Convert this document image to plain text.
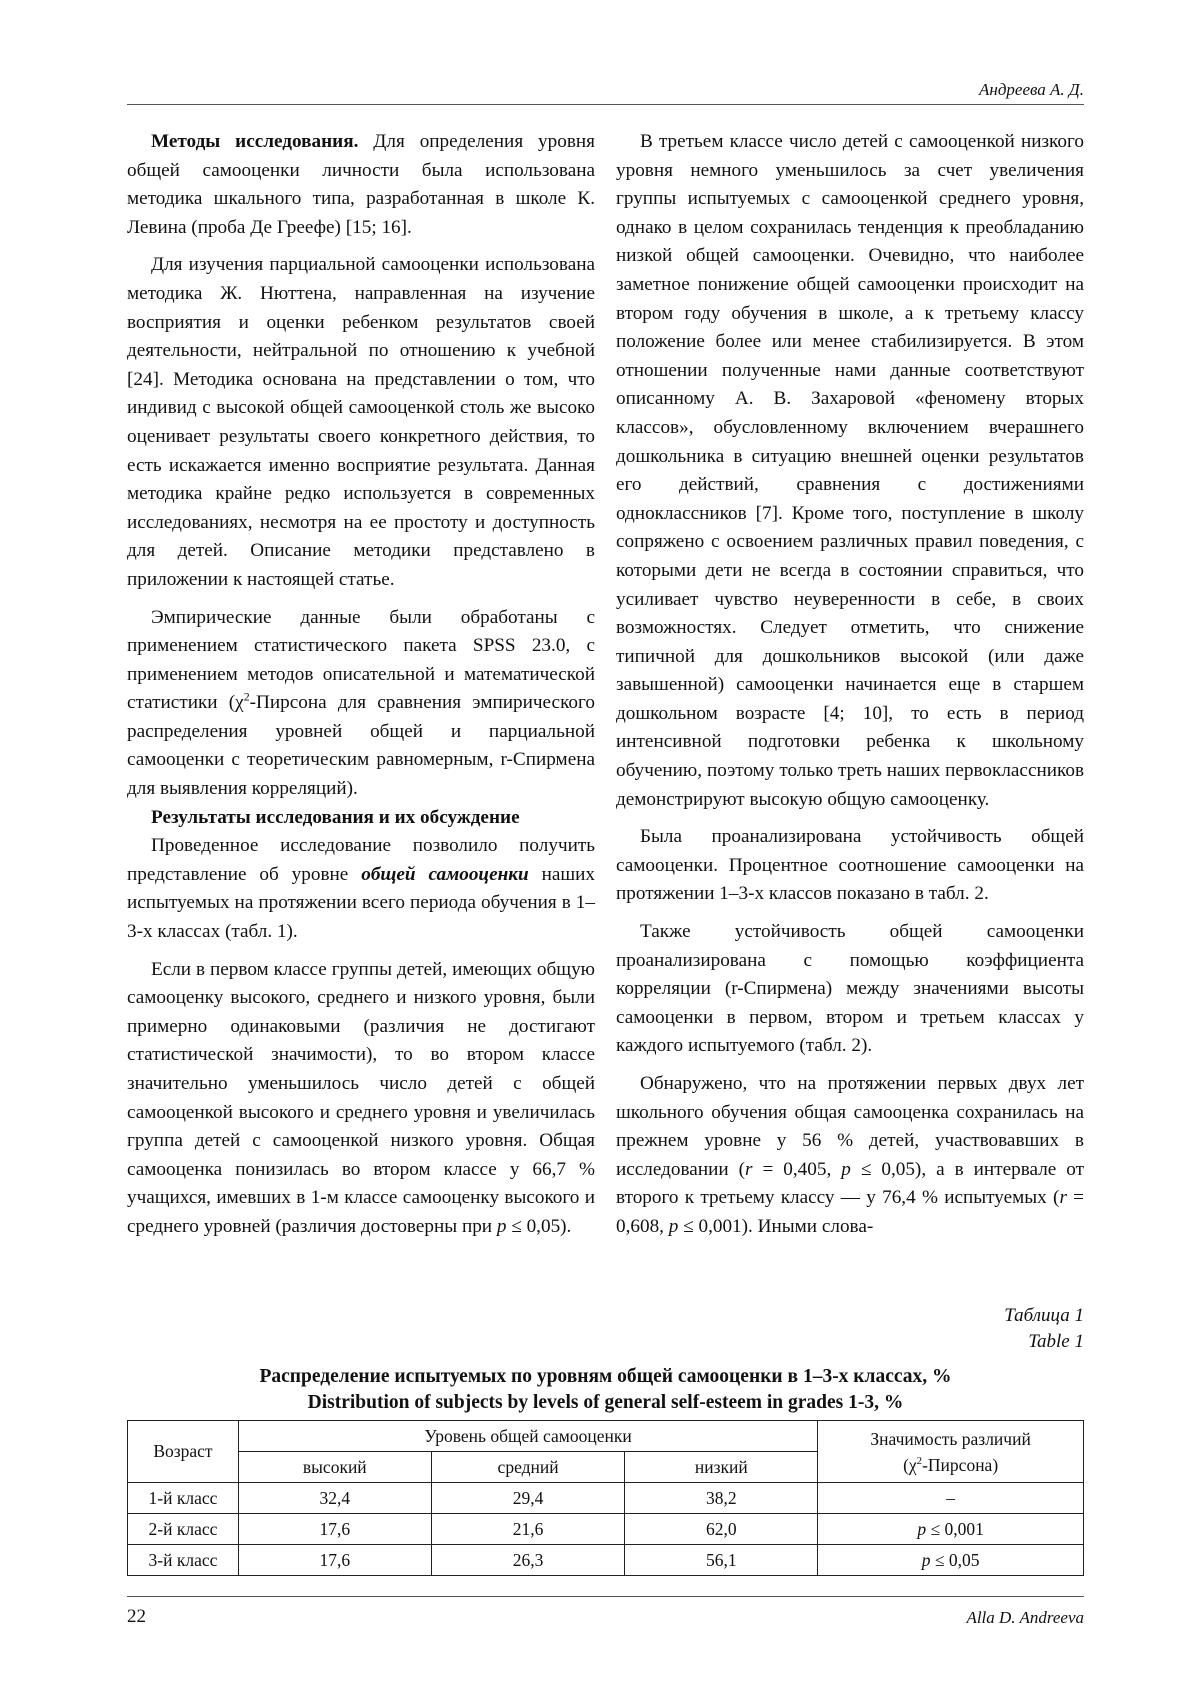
Андреева А. Д.

Методы исследования. Для определения уровня общей самооценки личности была использована методика шкального типа, разработанная в школе К. Левина (проба Де Греефе) [15; 16].

Для изучения парциальной самооценки использована методика Ж. Нюттена, направленная на изучение восприятия и оценки ребенком результатов своей деятельности, нейтральной по отношению к учебной [24]. Методика основана на представлении о том, что индивид с высокой общей самооценкой столь же высоко оценивает результаты своего конкретного действия, то есть искажается именно восприятие результата. Данная методика крайне редко используется в современных исследованиях, несмотря на ее простоту и доступность для детей. Описание методики представлено в приложении к настоящей статье.

Эмпирические данные были обработаны с применением статистического пакета SPSS 23.0, с применением методов описательной и математической статистики ($\chi^2$-Пирсона для сравнения эмпирического распределения уровней общей и парциальной самооценки с теоретическим равномерным, r-Спирмена для выявления корреляций).

Результаты исследования и их обсуждение

Проведенное исследование позволило получить представление об уровне общей самооценки наших испытуемых на протяжении всего периода обучения в 1–3-х классах (табл. 1).

Если в первом классе группы детей, имеющих общую самооценку высокого, среднего и низкого уровня, были примерно одинаковыми (различия не достигают статистической значимости), то во втором классе значительно уменьшилось число детей с общей самооценкой высокого и среднего уровня и увеличилась группа детей с самооценкой низкого уровня. Общая самооценка понизилась во втором классе у 66,7 % учащихся, имевших в 1-м классе самооценку высокого и среднего уровней (различия достоверны при p ≤ 0,05).

В третьем классе число детей с самооценкой низкого уровня немного уменьшилось за счет увеличения группы испытуемых с самооценкой среднего уровня, однако в целом сохранилась тенденция к преобладанию низкой общей самооценки. Очевидно, что наиболее заметное понижение общей самооценки происходит на втором году обучения в школе, а к третьему классу положение более или менее стабилизируется. В этом отношении полученные нами данные соответствуют описанному А. В. Захаровой «феномену вторых классов», обусловленному включением вчерашнего дошкольника в ситуацию внешней оценки результатов его действий, сравнения с достижениями одноклассников [7]. Кроме того, поступление в школу сопряжено с освоением различных правил поведения, с которыми дети не всегда в состоянии справиться, что усиливает чувство неуверенности в себе, в своих возможностях. Следует отметить, что снижение типичной для дошкольников высокой (или даже завышенной) самооценки начинается еще в старшем дошкольном возрасте [4; 10], то есть в период интенсивной подготовки ребенка к школьному обучению, поэтому только треть наших первоклассников демонстрируют высокую общую самооценку.

Была проанализирована устойчивость общей самооценки. Процентное соотношение самооценки на протяжении 1–3-х классов показано в табл. 2.

Также устойчивость общей самооценки проанализирована с помощью коэффициента корреляции (r-Спирмена) между значениями высоты самооценки в первом, втором и третьем классах у каждого испытуемого (табл. 2).

Обнаружено, что на протяжении первых двух лет школьного обучения общая самооценка сохранилась на прежнем уровне у 56 % детей, участвовавших в исследовании (r = 0,405, p ≤ 0,05), а в интервале от второго к третьему классу — у 76,4 % испытуемых (r = 0,608, p ≤ 0,001). Иными слова-

Таблица 1
Table 1
Распределение испытуемых по уровням общей самооценки в 1–3-х классах, %
Distribution of subjects by levels of general self-esteem in grades 1-3, %
Возраст	Уровень общей самооценки			Значимость различий
$(\chi^2-Пирсона)$

	высокий	средний	низкий	
1-й класс	32,4	29,4	38,2	–
2-й класс	17,6	21,6	62,0	p ≤ 0,001
3-й класс	17,6	26,3	56,1	p ≤ 0,05
22	Alla D. Andreeva
